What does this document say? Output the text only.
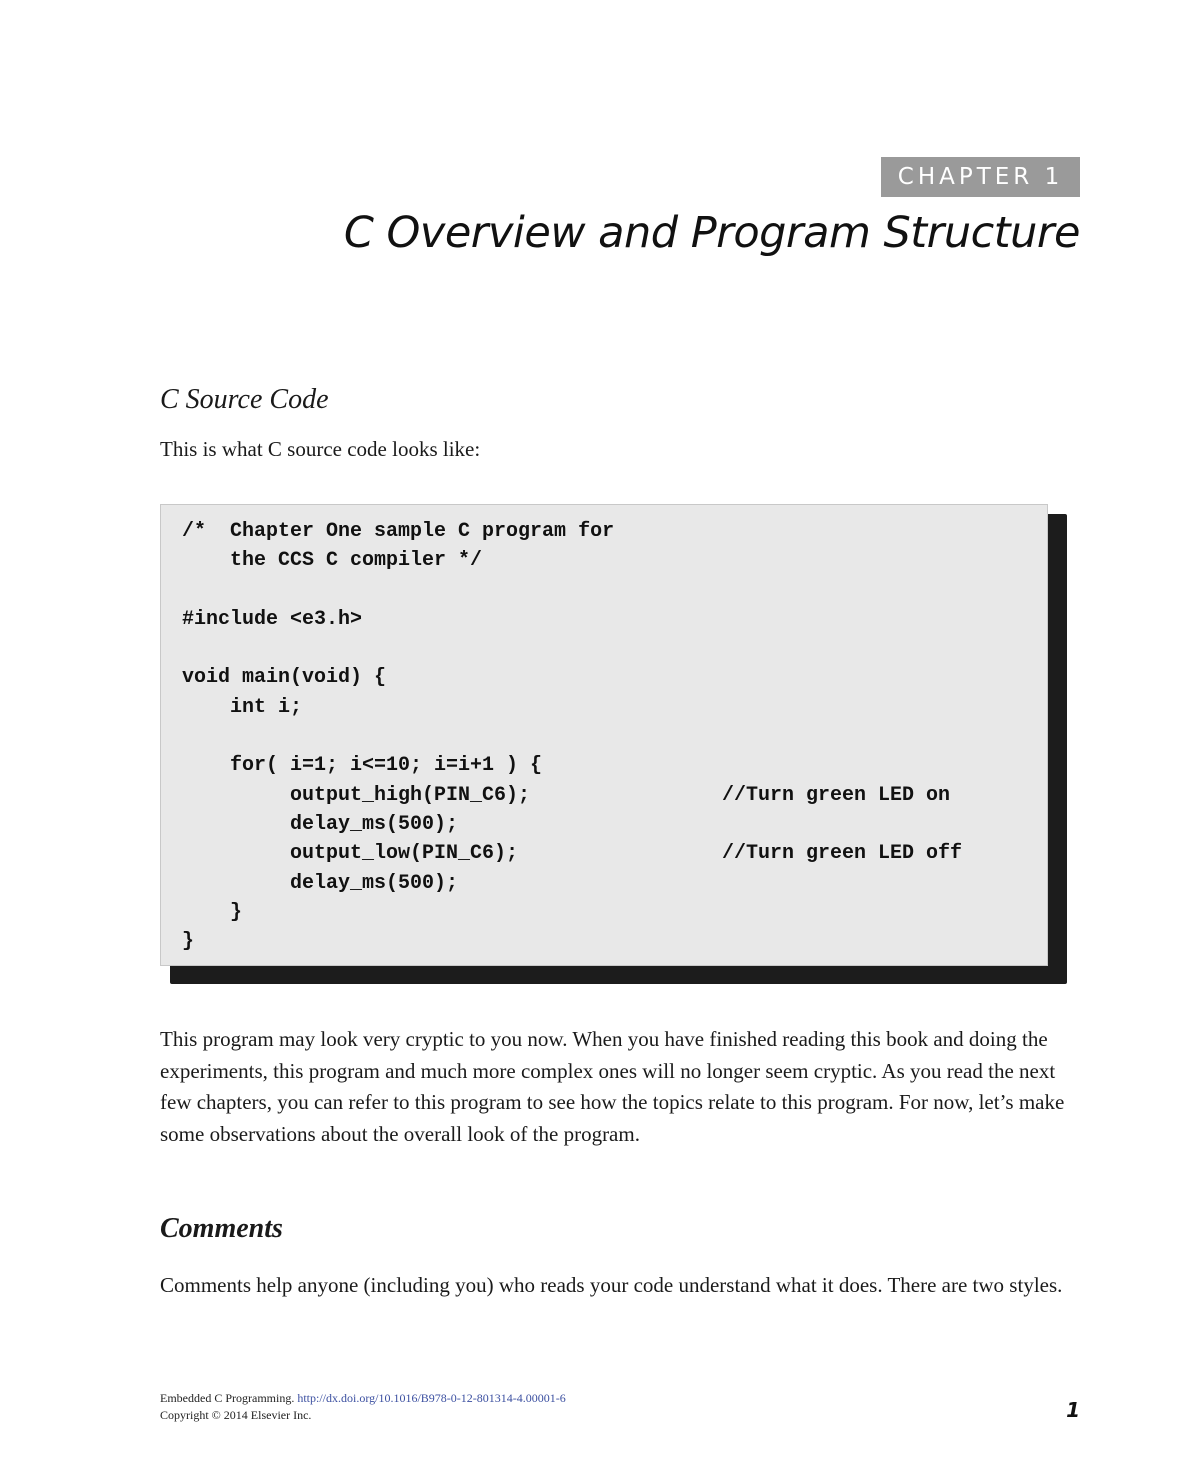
CHAPTER 1
C Overview and Program Structure
C Source Code

This is what C source code looks like:

/*  Chapter One sample C program for
the CCS C compiler */
#include <e3.h>
void main(void) {
int i;
for( i=1; i<=10; i=i+1 ) {
output_high(PIN_C6);	//Turn green LED on
delay_ms(500);
output_low(PIN_C6);	//Turn green LED off
delay_ms(500);
}
}

This program may look very cryptic to you now. When you have finished reading this book and doing the experiments, this program and much more complex ones will no longer seem cryptic. As you read the next few chapters, you can refer to this program to see how the topics relate to this program. For now, let’s make some observations about the overall look of the program.

Comments

Comments help anyone (including you) who reads your code understand what it does. There are two styles.

Embedded C Programming. http://dx.doi.org/10.1016/B978-0-12-801314-4.00001-6
Copyright © 2014 Elsevier Inc.	1
